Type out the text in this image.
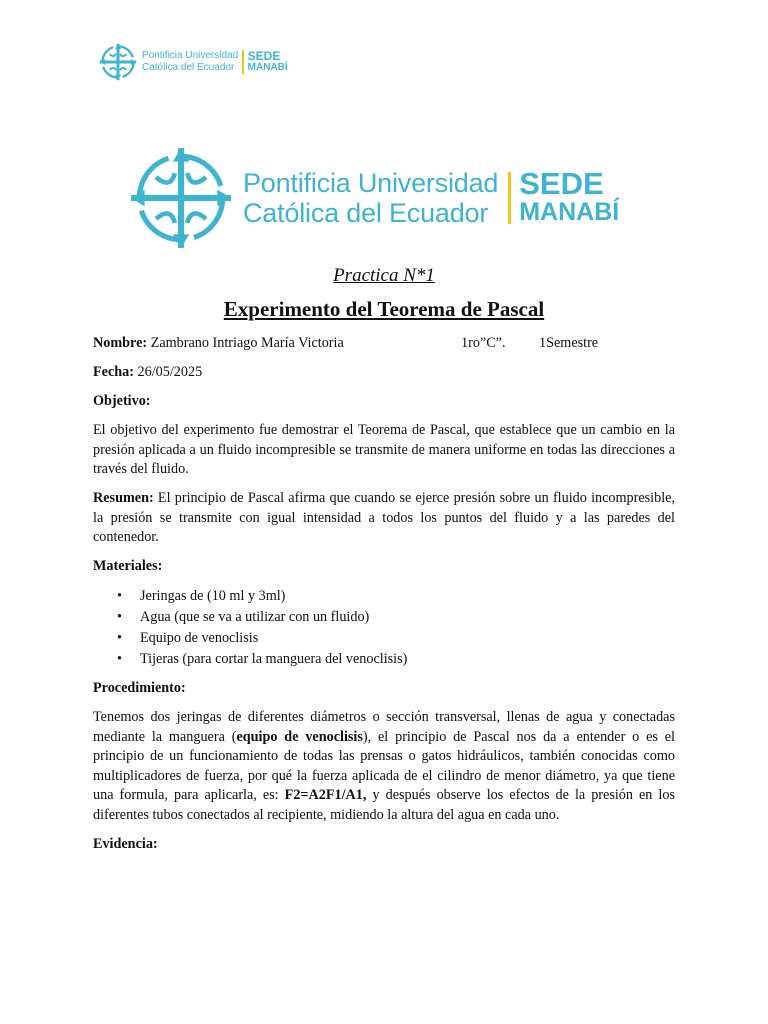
Pontificia Universidad
Católica del Ecuador
SEDE
MANABÍ
Pontificia Universidad
Católica del Ecuador
SEDE
MANABÍ
Practica N*1
Experimento del Teorema de Pascal

Nombre: Zambrano Intriago María Victoria	1ro”C”. 1Semestre

Fecha: 26/05/2025

Objetivo:

El objetivo del experimento fue demostrar el Teorema de Pascal, que establece que un cambio en la presión aplicada a un fluido incompresible se transmite de manera uniforme en todas las direcciones a través del fluido.

Resumen: El principio de Pascal afirma que cuando se ejerce presión sobre un fluido incompresible, la presión se transmite con igual intensidad a todos los puntos del fluido y a las paredes del contenedor.

Materiales:

• Jeringas de (10 ml y 3ml)
• Agua (que se va a utilizar con un fluido)
• Equipo de venoclisis
• Tijeras (para cortar la manguera del venoclisis)

Procedimiento:

Tenemos dos jeringas de diferentes diámetros o sección transversal, llenas de agua y conectadas mediante la manguera (equipo de venoclisis), el principio de Pascal nos da a entender o es el principio de un funcionamiento de todas las prensas o gatos hidráulicos, también conocidas como multiplicadores de fuerza, por qué la fuerza aplicada de el cilindro de menor diámetro, ya que tiene una formula, para aplicarla, es: F2=A2F1/A1, y después observe los efectos de la presión en los diferentes tubos conectados al recipiente, midiendo la altura del agua en cada uno.

Evidencia:
